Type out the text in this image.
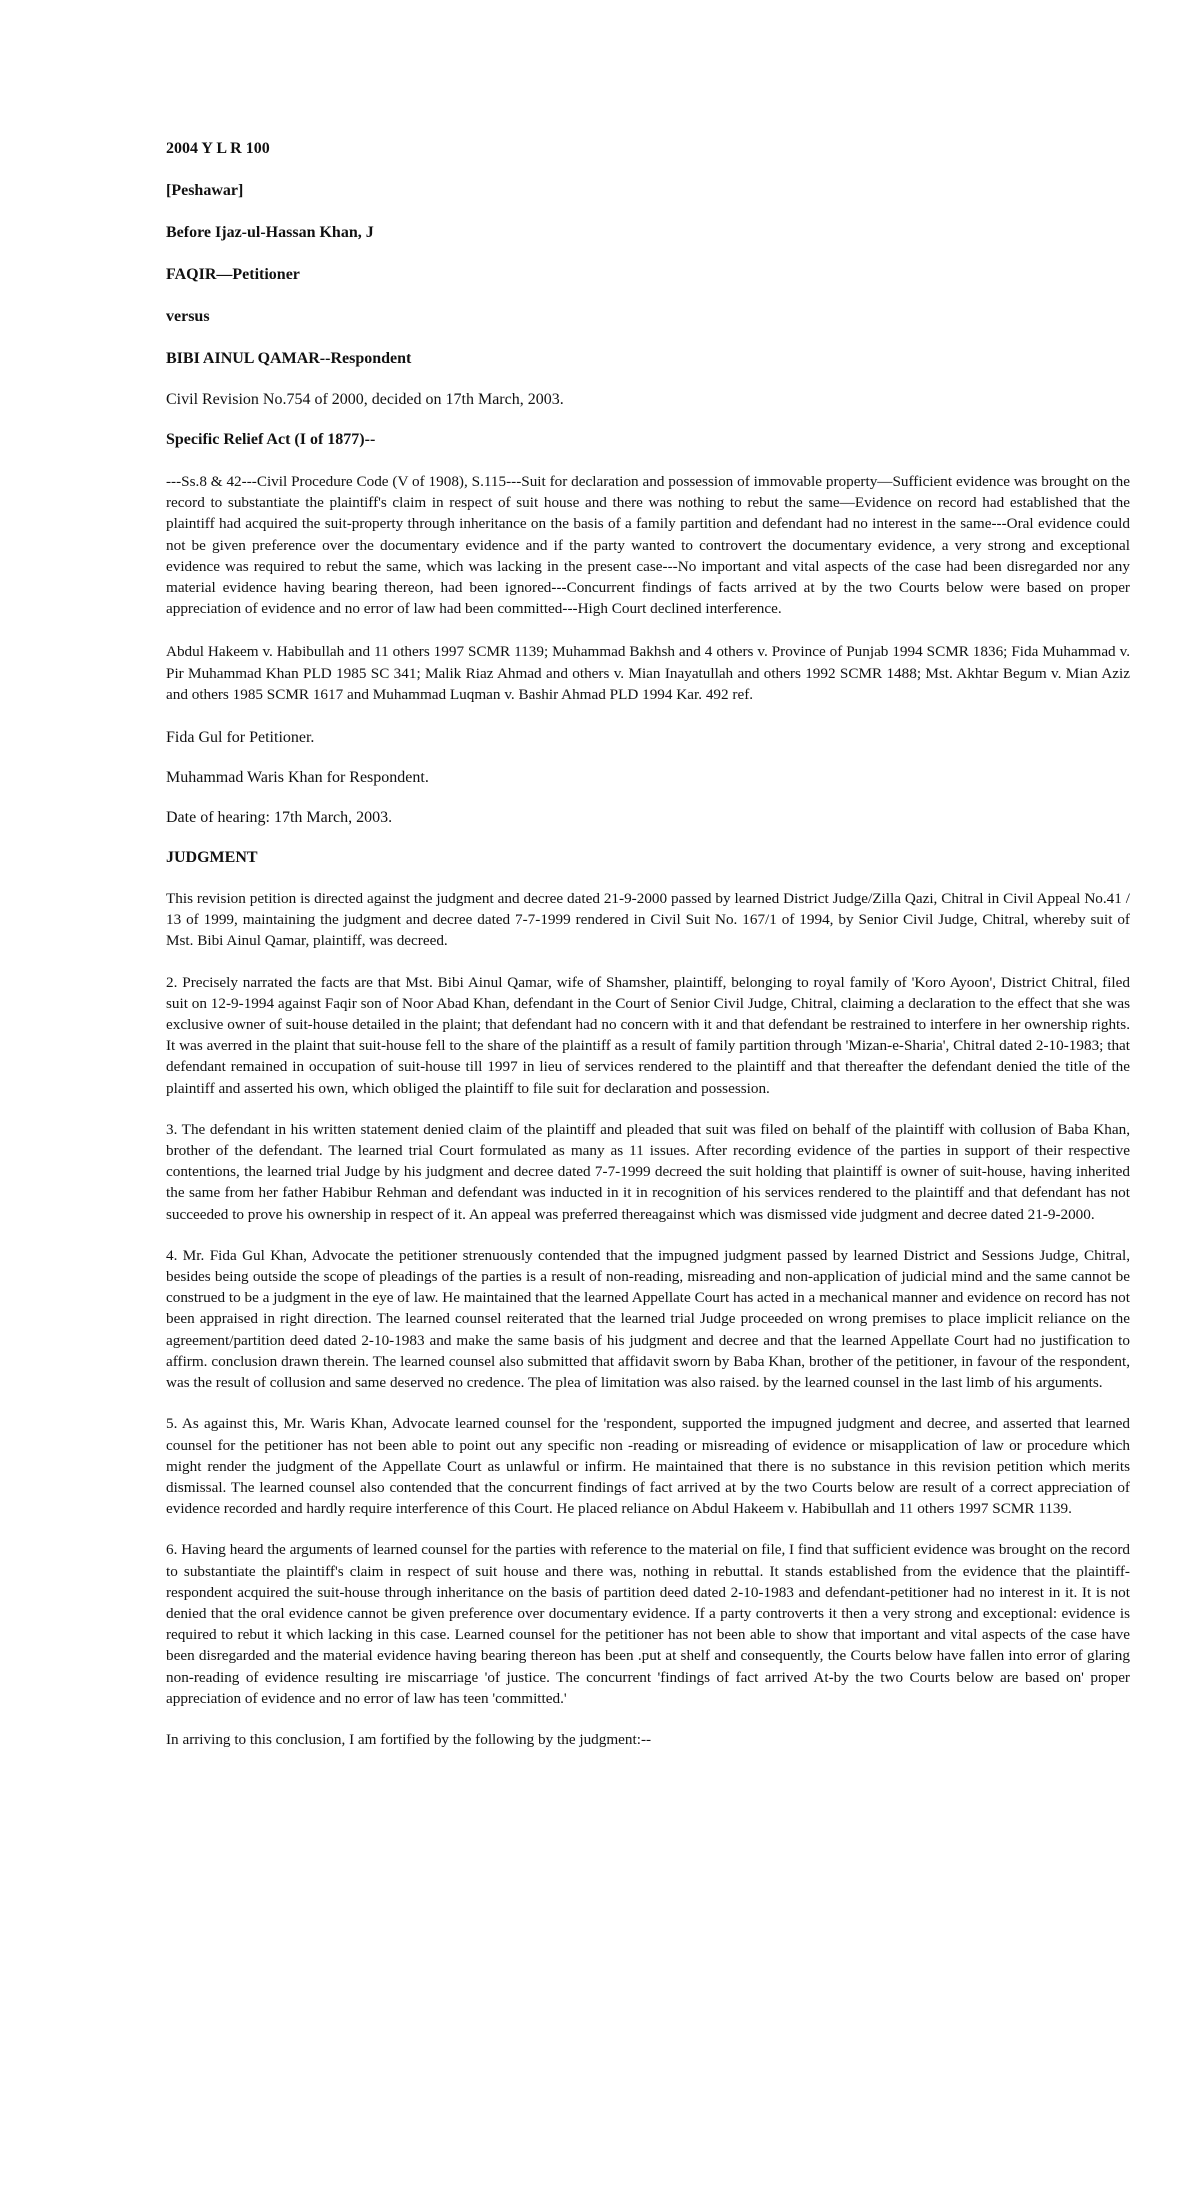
2004 Y L R 100
[Peshawar]
Before Ijaz-ul-Hassan Khan, J
FAQIR—Petitioner
versus
BIBI AINUL QAMAR--Respondent
Civil Revision No.754 of 2000, decided on 17th March, 2003.
Specific Relief Act (I of 1877)--
---Ss.8 & 42---Civil Procedure Code (V of 1908), S.115---Suit for declaration and possession of immovable property—Sufficient evidence was brought on the record to substantiate the plaintiff's claim in respect of suit house and there was nothing to rebut the same—Evidence on record had established that the plaintiff had acquired the suit-property through inheritance on the basis of a family partition and defendant had no interest in the same---Oral evidence could not be given preference over the documentary evidence and if the party wanted to controvert the documentary evidence, a very strong and exceptional evidence was required to rebut the same, which was lacking in the present case---No important and vital aspects of the case had been disregarded nor any material evidence having bearing thereon, had been ignored---Concurrent findings of facts arrived at by the two Courts below were based on proper appreciation of evidence and no error of law had been committed---High Court declined interference.
Abdul Hakeem v. Habibullah and 11 others 1997 SCMR 1139; Muhammad Bakhsh and 4 others v. Province of Punjab 1994 SCMR 1836; Fida Muhammad v. Pir Muhammad Khan PLD 1985 SC 341; Malik Riaz Ahmad and others v. Mian Inayatullah and others 1992 SCMR 1488; Mst. Akhtar Begum v. Mian Aziz and others 1985 SCMR 1617 and Muhammad Luqman v. Bashir Ahmad PLD 1994 Kar. 492 ref.
Fida Gul for Petitioner.
Muhammad Waris Khan for Respondent.
Date of hearing: 17th March, 2003.
JUDGMENT
This revision petition is directed against the judgment and decree dated 21-9-2000 passed by learned District Judge/Zilla Qazi, Chitral in Civil Appeal No.41 / 13 of 1999, maintaining the judgment and decree dated 7-7-1999 rendered in Civil Suit No. 167/1 of 1994, by Senior Civil Judge, Chitral, whereby suit of Mst. Bibi Ainul Qamar, plaintiff, was decreed.
2. Precisely narrated the facts are that Mst. Bibi Ainul Qamar, wife of Shamsher, plaintiff, belonging to royal family of 'Koro Ayoon', District Chitral, filed suit on 12-9-1994 against Faqir son of Noor Abad Khan, defendant in the Court of Senior Civil Judge, Chitral, claiming a declaration to the effect that she was exclusive owner of suit-house detailed in the plaint; that defendant had no concern with it and that defendant be restrained to interfere in her ownership rights. It was averred in the plaint that suit-house fell to the share of the plaintiff as a result of family partition through 'Mizan-e-Sharia', Chitral dated 2-10-1983; that defendant remained in occupation of suit-house till 1997 in lieu of services rendered to the plaintiff and that thereafter the defendant denied the title of the plaintiff and asserted his own, which obliged the plaintiff to file suit for declaration and possession.
3. The defendant in his written statement denied claim of the plaintiff and pleaded that suit was filed on behalf of the plaintiff with collusion of Baba Khan, brother of the defendant. The learned trial Court formulated as many as 11 issues. After recording evidence of the parties in support of their respective contentions, the learned trial Judge by his judgment and decree dated 7-7-1999 decreed the suit holding that plaintiff is owner of suit-house, having inherited the same from her father Habibur Rehman and defendant was inducted in it in recognition of his services rendered to the plaintiff and that defendant has not succeeded to prove his ownership in respect of it. An appeal was preferred thereagainst which was dismissed vide judgment and decree dated 21-9-2000.
4. Mr. Fida Gul Khan, Advocate the petitioner strenuously contended that the impugned judgment passed by learned District and Sessions Judge, Chitral, besides being outside the scope of pleadings of the parties is a result of non-reading, misreading and non-application of judicial mind and the same cannot be construed to be a judgment in the eye of law. He maintained that the learned Appellate Court has acted in a mechanical manner and evidence on record has not been appraised in right direction. The learned counsel reiterated that the learned trial Judge proceeded on wrong premises to place implicit reliance on the agreement/partition deed dated 2-10-1983 and make the same basis of his judgment and decree and that the learned Appellate Court had no justification to affirm. conclusion drawn therein. The learned counsel also submitted that affidavit sworn by Baba Khan, brother of the petitioner, in favour of the respondent, was the result of collusion and same deserved no credence. The plea of limitation was also raised. by the learned counsel in the last limb of his arguments.
5. As against this, Mr. Waris Khan, Advocate learned counsel for the 'respondent, supported the impugned judgment and decree, and asserted that learned counsel for the petitioner has not been able to point out any specific non -reading or misreading of evidence or misapplication of law or procedure which might render the judgment of the Appellate Court as unlawful or infirm. He maintained that there is no substance in this revision petition which merits dismissal. The learned counsel also contended that the concurrent findings of fact arrived at by the two Courts below are result of a correct appreciation of evidence recorded and hardly require interference of this Court. He placed reliance on Abdul Hakeem v. Habibullah and 11 others 1997 SCMR 1139.
6. Having heard the arguments of learned counsel for the parties with reference to the material on file, I find that sufficient evidence was brought on the record to substantiate the plaintiff's claim in respect of suit house and there was, nothing in rebuttal. It stands established from the evidence that the plaintiff- respondent acquired the suit-house through inheritance on the basis of partition deed dated 2-10-1983 and defendant-petitioner had no interest in it. It is not denied that the oral evidence cannot be given preference over documentary evidence. If a party controverts it then a very strong and exceptional: evidence is required to rebut it which lacking in this case. Learned counsel for the petitioner has not been able to show that important and vital aspects of the case have been disregarded and the material evidence having bearing thereon has been .put at shelf and consequently, the Courts below have fallen into error of glaring non-reading of evidence resulting ire miscarriage 'of justice. The concurrent 'findings of fact arrived At-by the two Courts below are based on' proper appreciation of evidence and no error of law has teen 'committed.'
In arriving to this conclusion, I am fortified by the following by the judgment:--
